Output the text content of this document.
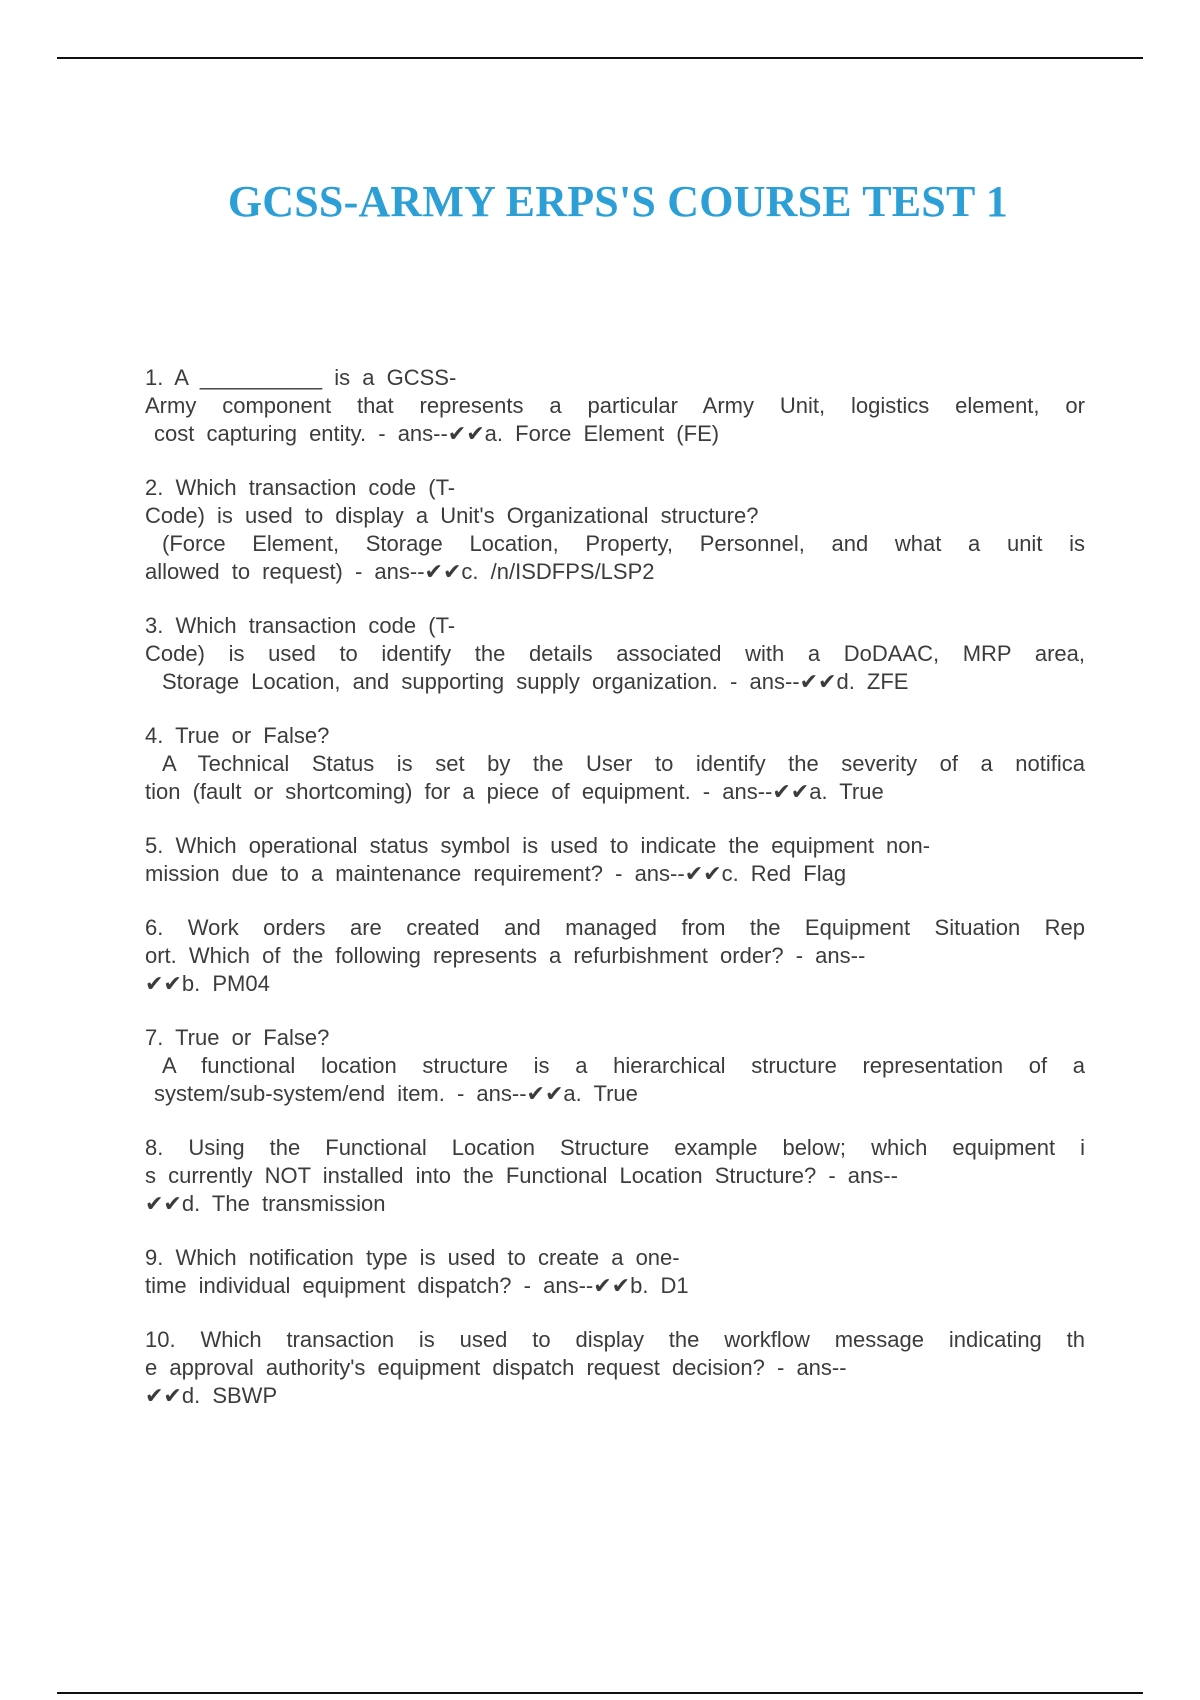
GCSS-ARMY ERPS'S COURSE TEST 1
1. A __________ is a GCSS-
Army component that represents a particular Army Unit, logistics element, or
cost capturing entity. - ans--✔✔a. Force Element (FE)
2. Which transaction code (T-
Code) is used to display a Unit's Organizational structure?
(Force Element, Storage Location, Property, Personnel, and what a unit is
allowed to request) - ans--✔✔c. /n/ISDFPS/LSP2
3. Which transaction code (T-
Code) is used to identify the details associated with a DoDAAC, MRP area,
Storage Location, and supporting supply organization. - ans--✔✔d. ZFE
4. True or False?
A Technical Status is set by the User to identify the severity of a notifica
tion (fault or shortcoming) for a piece of equipment. - ans--✔✔a. True
5. Which operational status symbol is used to indicate the equipment non-
mission due to a maintenance requirement? - ans--✔✔c. Red Flag
6. Work orders are created and managed from the Equipment Situation Rep
ort. Which of the following represents a refurbishment order? - ans--
✔✔b. PM04
7. True or False?
A functional location structure is a hierarchical structure representation of a
system/sub-system/end item. - ans--✔✔a. True
8. Using the Functional Location Structure example below; which equipment i
s currently NOT installed into the Functional Location Structure? - ans--
✔✔d. The transmission
9. Which notification type is used to create a one-
time individual equipment dispatch? - ans--✔✔b. D1
10. Which transaction is used to display the workflow message indicating th
e approval authority's equipment dispatch request decision? - ans--
✔✔d. SBWP
